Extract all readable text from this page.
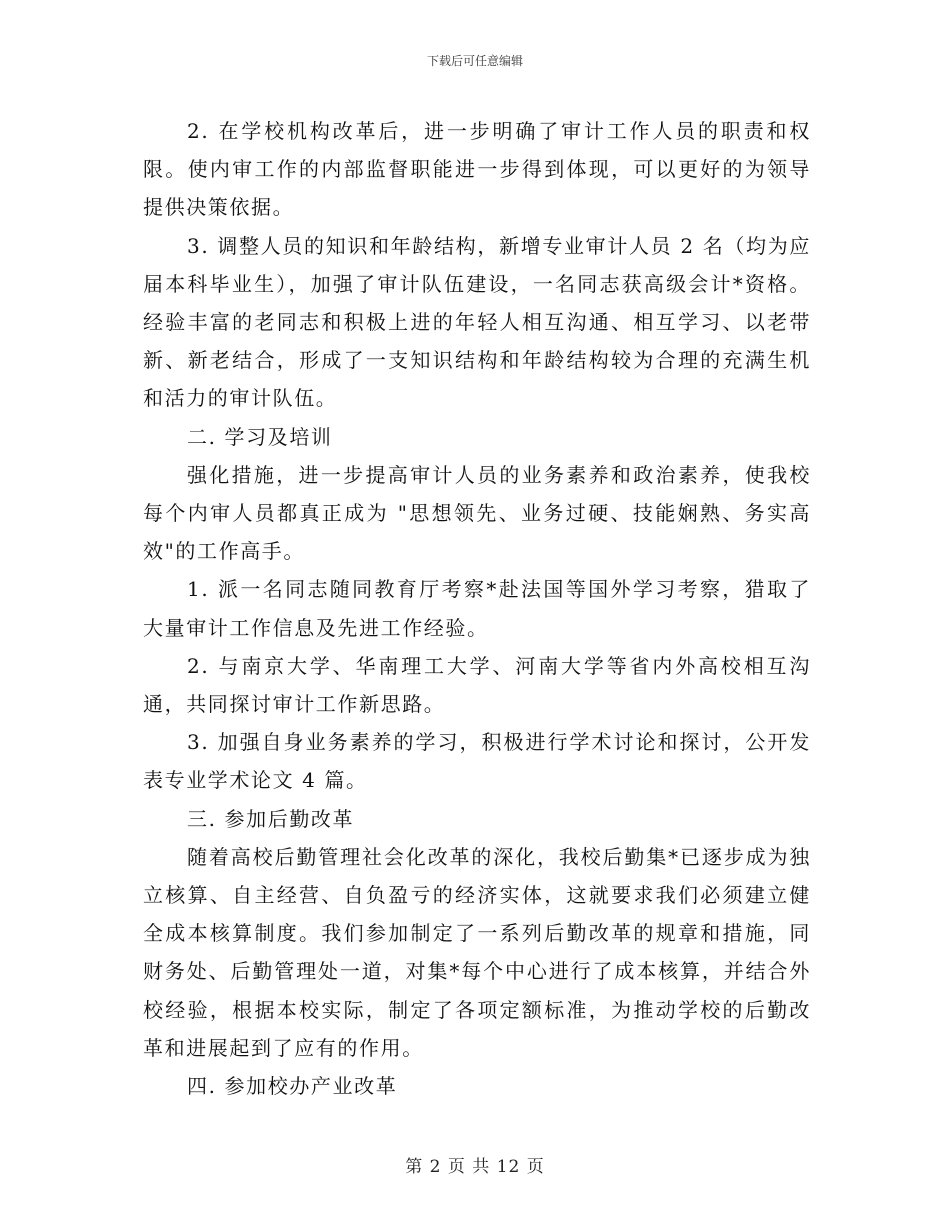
下载后可任意编辑

2. 在学校机构改革后，进一步明确了审计工作人员的职责和权限。使内审工作的内部监督职能进一步得到体现，可以更好的为领导提供决策依据。

3. 调整人员的知识和年龄结构，新增专业审计人员 2 名（均为应届本科毕业生），加强了审计队伍建设，一名同志获高级会计*资格。经验丰富的老同志和积极上进的年轻人相互沟通、相互学习、以老带新、新老结合，形成了一支知识结构和年龄结构较为合理的充满生机和活力的审计队伍。

二. 学习及培训

强化措施，进一步提高审计人员的业务素养和政治素养，使我校每个内审人员都真正成为 "思想领先、业务过硬、技能娴熟、务实高效"的工作高手。

1. 派一名同志随同教育厅考察*赴法国等国外学习考察，猎取了大量审计工作信息及先进工作经验。

2. 与南京大学、华南理工大学、河南大学等省内外高校相互沟通，共同探讨审计工作新思路。

3. 加强自身业务素养的学习，积极进行学术讨论和探讨，公开发表专业学术论文 4 篇。

三. 参加后勤改革

随着高校后勤管理社会化改革的深化，我校后勤集*已逐步成为独立核算、自主经营、自负盈亏的经济实体，这就要求我们必须建立健全成本核算制度。我们参加制定了一系列后勤改革的规章和措施，同财务处、后勤管理处一道，对集*每个中心进行了成本核算，并结合外校经验，根据本校实际，制定了各项定额标准，为推动学校的后勤改革和进展起到了应有的作用。

四. 参加校办产业改革

第 2 页 共 12 页
